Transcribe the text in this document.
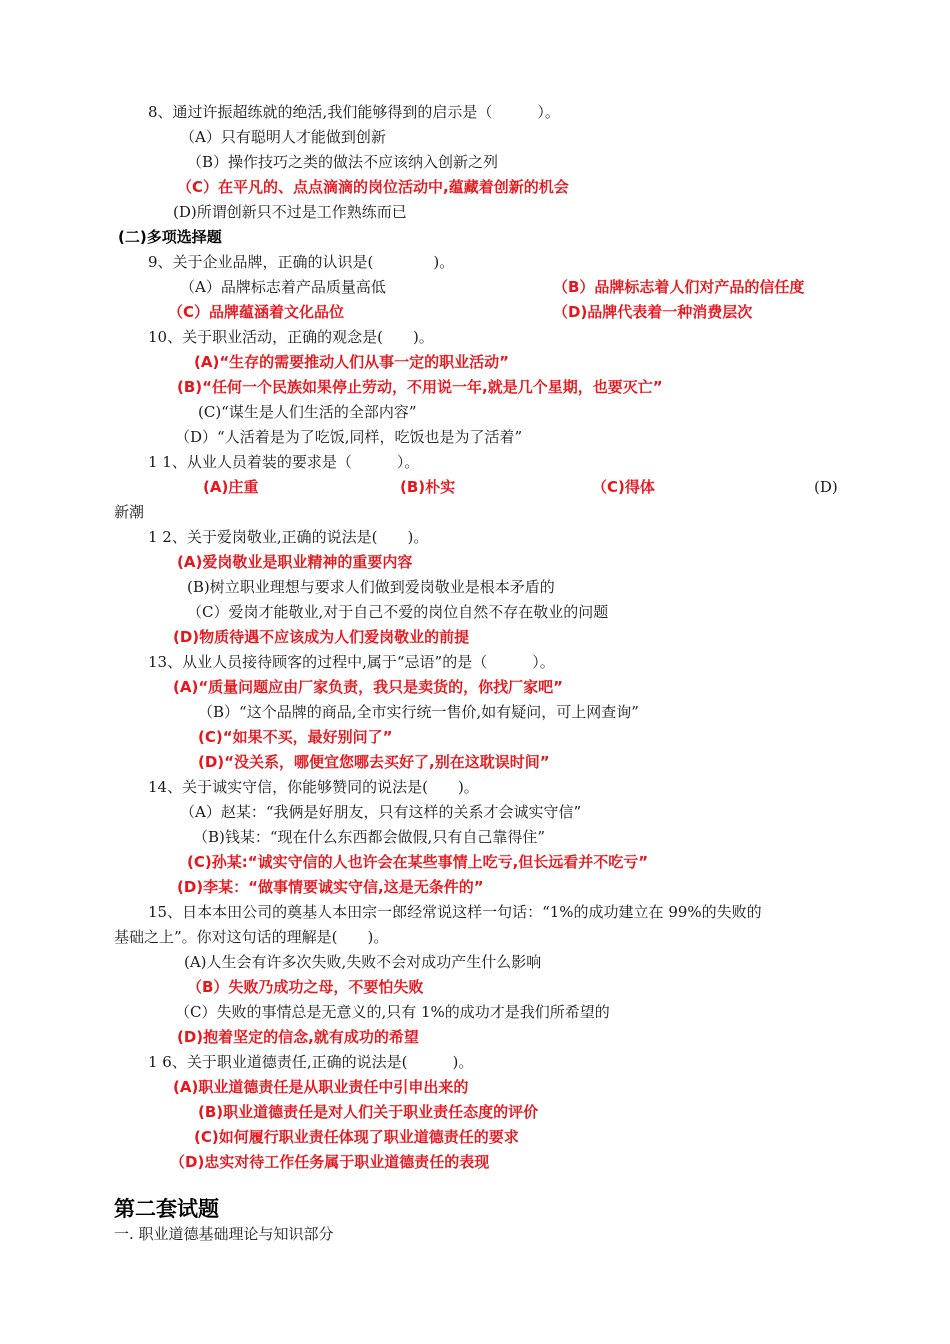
8、通过许振超练就的绝活,我们能够得到的启示是（　　　）。
（A）只有聪明人才能做到创新
（B）操作技巧之类的做法不应该纳入创新之列
（C）在平凡的、点点滴滴的岗位活动中,蕴藏着创新的机会
(D)所谓创新只不过是工作熟练而已
(二)多项选择题
9、关于企业品牌，正确的认识是(　　　　)。
（A）品牌标志着产品质量高低	（B）品牌标志着人们对产品的信任度
（C）品牌蕴涵着文化品位	（D)品牌代表着一种消费层次
10、关于职业活动，正确的观念是(　　)。
(A)“生存的需要推动人们从事一定的职业活动”
(B)“任何一个民族如果停止劳动，不用说一年,就是几个星期，也要灭亡”
(C)“谋生是人们生活的全部内容”
（D）“人活着是为了吃饭,同样，吃饭也是为了活着”
1 1、从业人员着装的要求是（　　　）。
(A)庄重	(B)朴实	（C)得体	(D)
新潮
1 2、关于爱岗敬业,正确的说法是(　　)。
(A)爱岗敬业是职业精神的重要内容
(B)树立职业理想与要求人们做到爱岗敬业是根本矛盾的
（C）爱岗才能敬业,对于自己不爱的岗位自然不存在敬业的问题
(D)物质待遇不应该成为人们爱岗敬业的前提
13、从业人员接待顾客的过程中,属于“忌语”的是（　　　）。
(A)“质量问题应由厂家负责，我只是卖货的，你找厂家吧”
（B）“这个品牌的商品,全市实行统一售价,如有疑问，可上网查询”
(C)“如果不买，最好别问了”
(D)“没关系，哪便宜您哪去买好了,别在这耽误时间”
14、关于诚实守信，你能够赞同的说法是(　　)。
（A）赵某：“我俩是好朋友，只有这样的关系才会诚实守信”
（B)钱某：“现在什么东西都会做假,只有自己靠得住”
(C)孙某:“诚实守信的人也许会在某些事情上吃亏,但长远看并不吃亏”
(D)李某：“做事情要诚实守信,这是无条件的”
15、日本本田公司的奠基人本田宗一郎经常说这样一句话：“1%的成功建立在 99%的失败的
基础之上”。你对这句话的理解是(　　)。
(A)人生会有许多次失败,失败不会对成功产生什么影响
（B）失败乃成功之母，不要怕失败
（C）失败的事情总是无意义的,只有 1%的成功才是我们所希望的
(D)抱着坚定的信念,就有成功的希望
1 6、关于职业道德责任,正确的说法是(　　　)。
(A)职业道德责任是从职业责任中引申出来的
(B)职业道德责任是对人们关于职业责任态度的评价
(C)如何履行职业责任体现了职业道德责任的要求
（D)忠实对待工作任务属于职业道德责任的表现
第二套试题
一. 职业道德基础理论与知识部分
